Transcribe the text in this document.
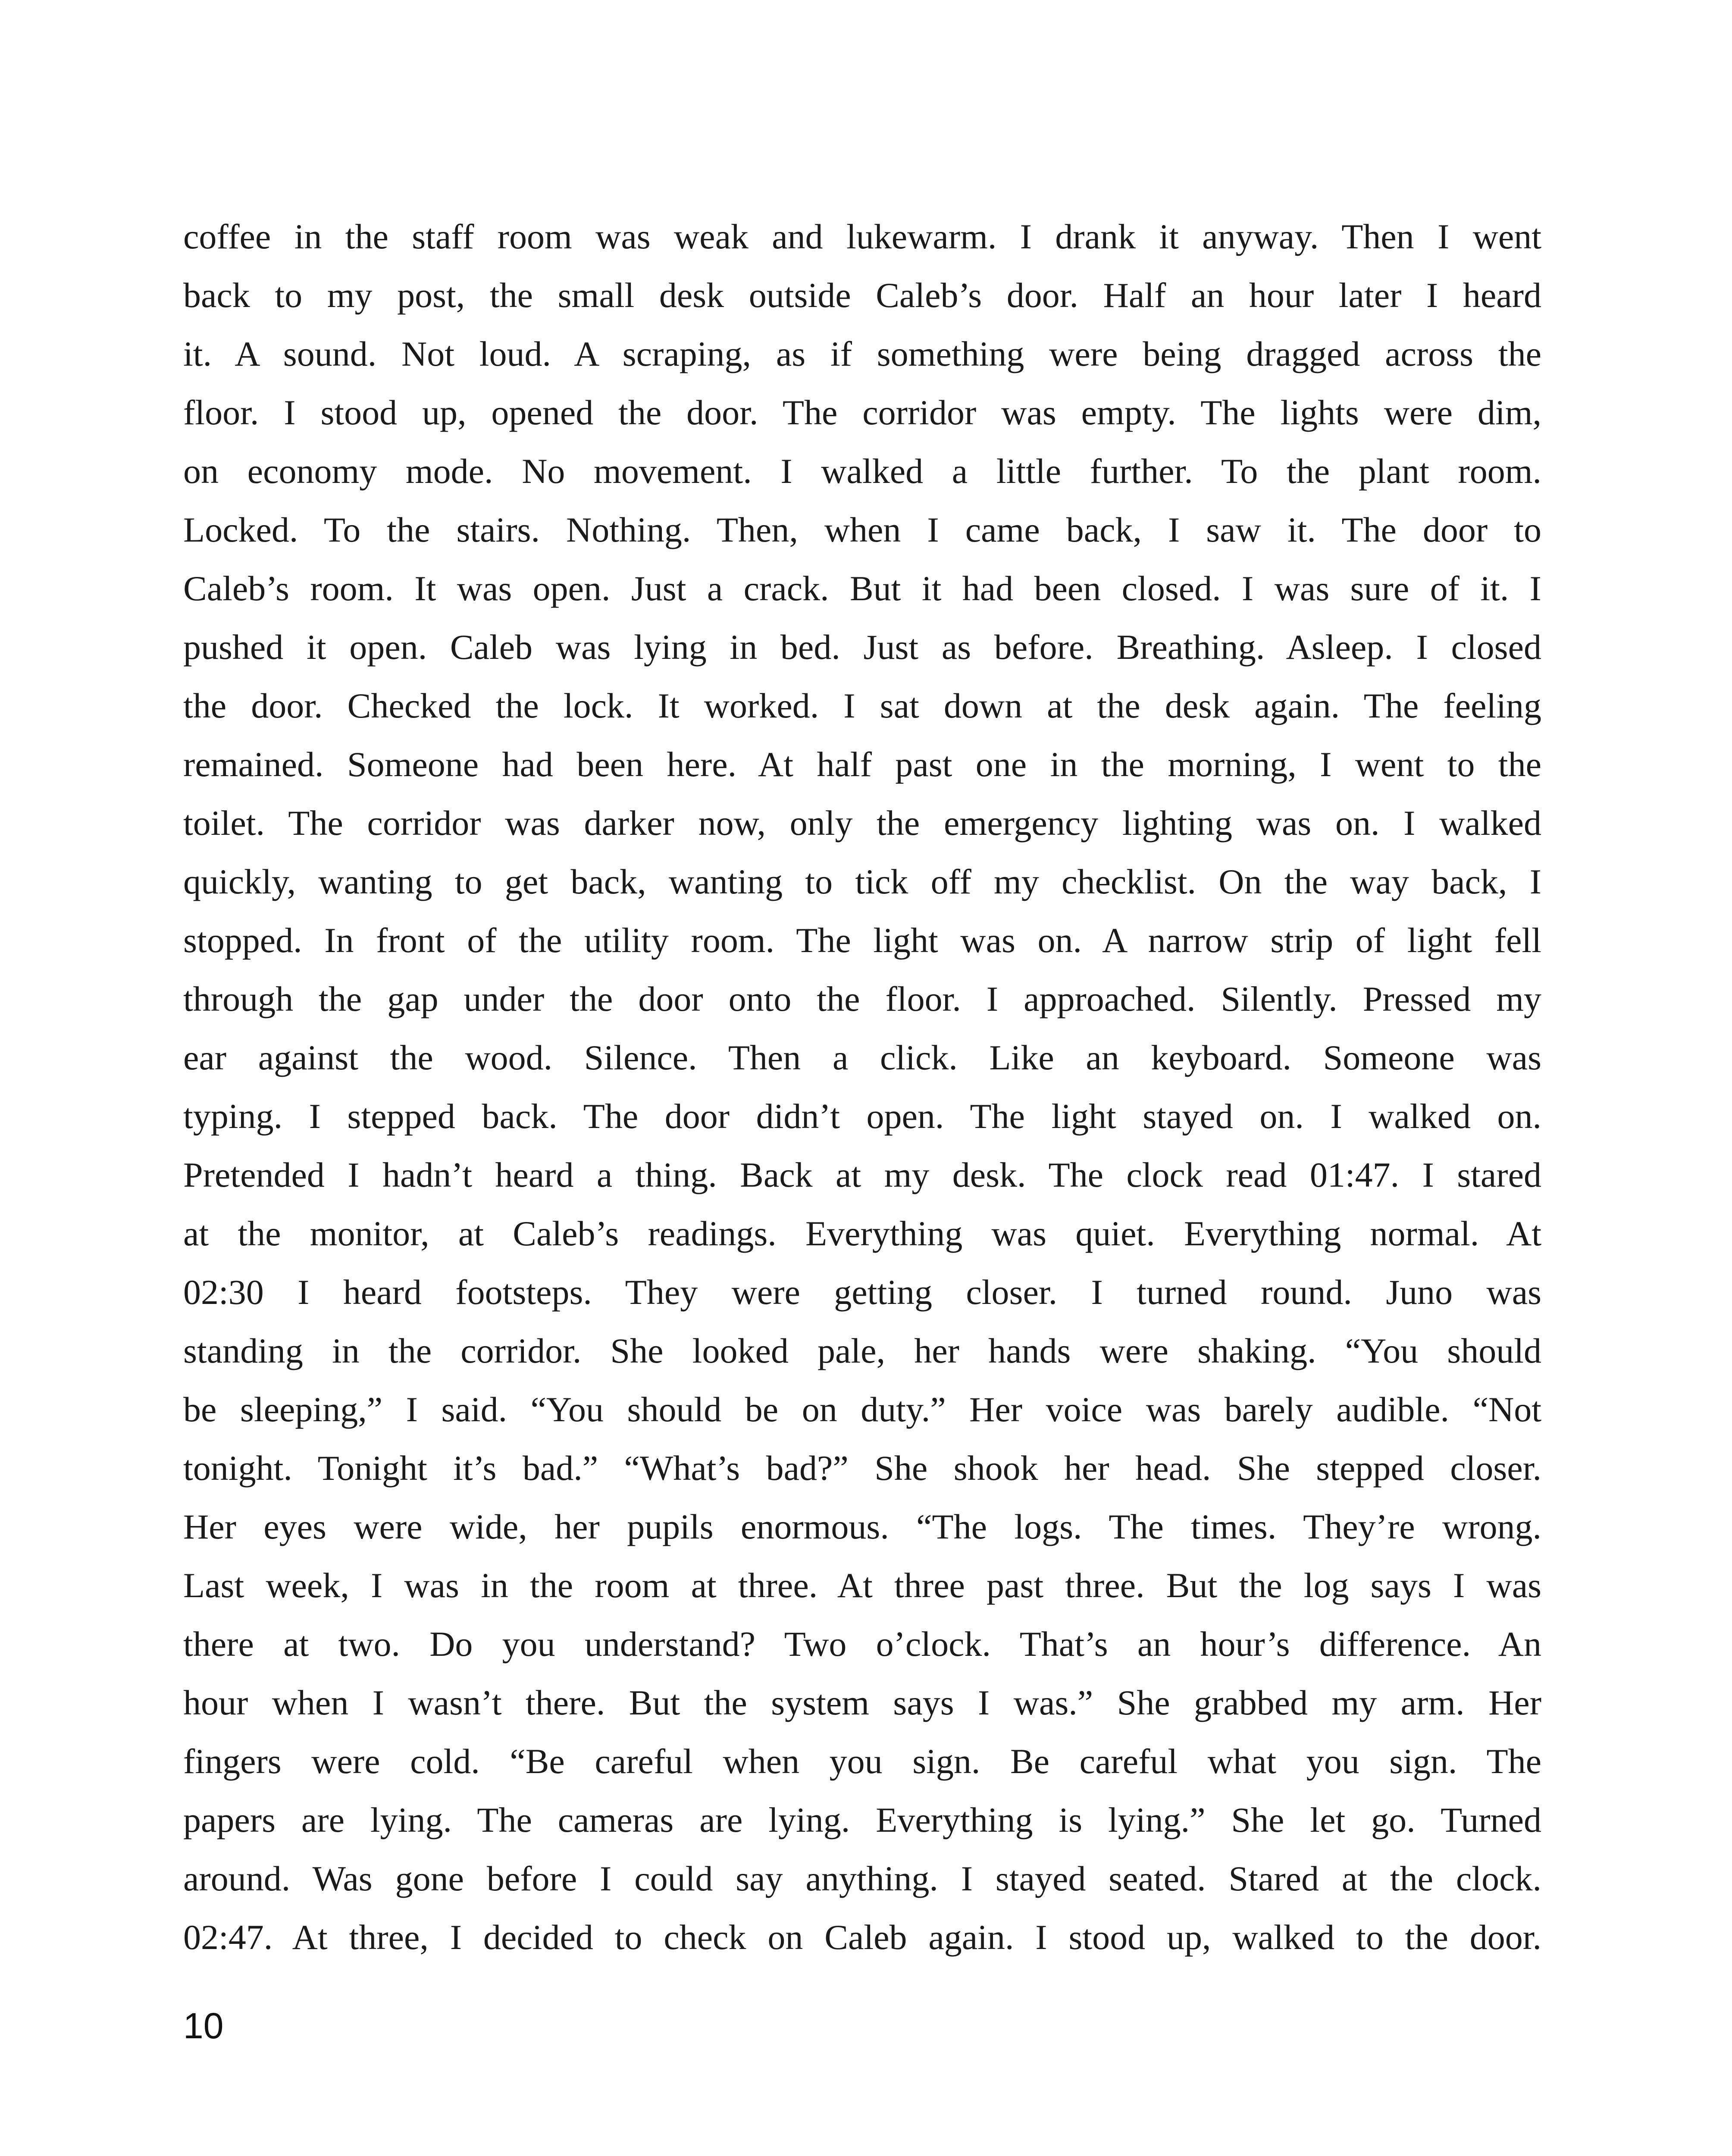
coffee in the staff room was weak and lukewarm. I drank it anyway. Then I went
back to my post, the small desk outside Caleb’s door. Half an hour later I heard
it. A sound. Not loud. A scraping, as if something were being dragged across the
floor. I stood up, opened the door. The corridor was empty. The lights were dim,
on economy mode. No movement. I walked a little further. To the plant room.
Locked. To the stairs. Nothing. Then, when I came back, I saw it. The door to
Caleb’s room. It was open. Just a crack. But it had been closed. I was sure of it. I
pushed it open. Caleb was lying in bed. Just as before. Breathing. Asleep. I closed
the door. Checked the lock. It worked. I sat down at the desk again. The feeling
remained. Someone had been here. At half past one in the morning, I went to the
toilet. The corridor was darker now, only the emergency lighting was on. I walked
quickly, wanting to get back, wanting to tick off my checklist. On the way back, I
stopped. In front of the utility room. The light was on. A narrow strip of light fell
through the gap under the door onto the floor. I approached. Silently. Pressed my
ear against the wood. Silence. Then a click. Like an keyboard. Someone was
typing. I stepped back. The door didn’t open. The light stayed on. I walked on.
Pretended I hadn’t heard a thing. Back at my desk. The clock read 01:47. I stared
at the monitor, at Caleb’s readings. Everything was quiet. Everything normal. At
02:30 I heard footsteps. They were getting closer. I turned round. Juno was
standing in the corridor. She looked pale, her hands were shaking. “You should
be sleeping,” I said. “You should be on duty.” Her voice was barely audible. “Not
tonight. Tonight it’s bad.” “What’s bad?” She shook her head. She stepped closer.
Her eyes were wide, her pupils enormous. “The logs. The times. They’re wrong.
Last week, I was in the room at three. At three past three. But the log says I was
there at two. Do you understand? Two o’clock. That’s an hour’s difference. An
hour when I wasn’t there. But the system says I was.” She grabbed my arm. Her
fingers were cold. “Be careful when you sign. Be careful what you sign. The
papers are lying. The cameras are lying. Everything is lying.” She let go. Turned
around. Was gone before I could say anything. I stayed seated. Stared at the clock.
02:47. At three, I decided to check on Caleb again. I stood up, walked to the door.
10
